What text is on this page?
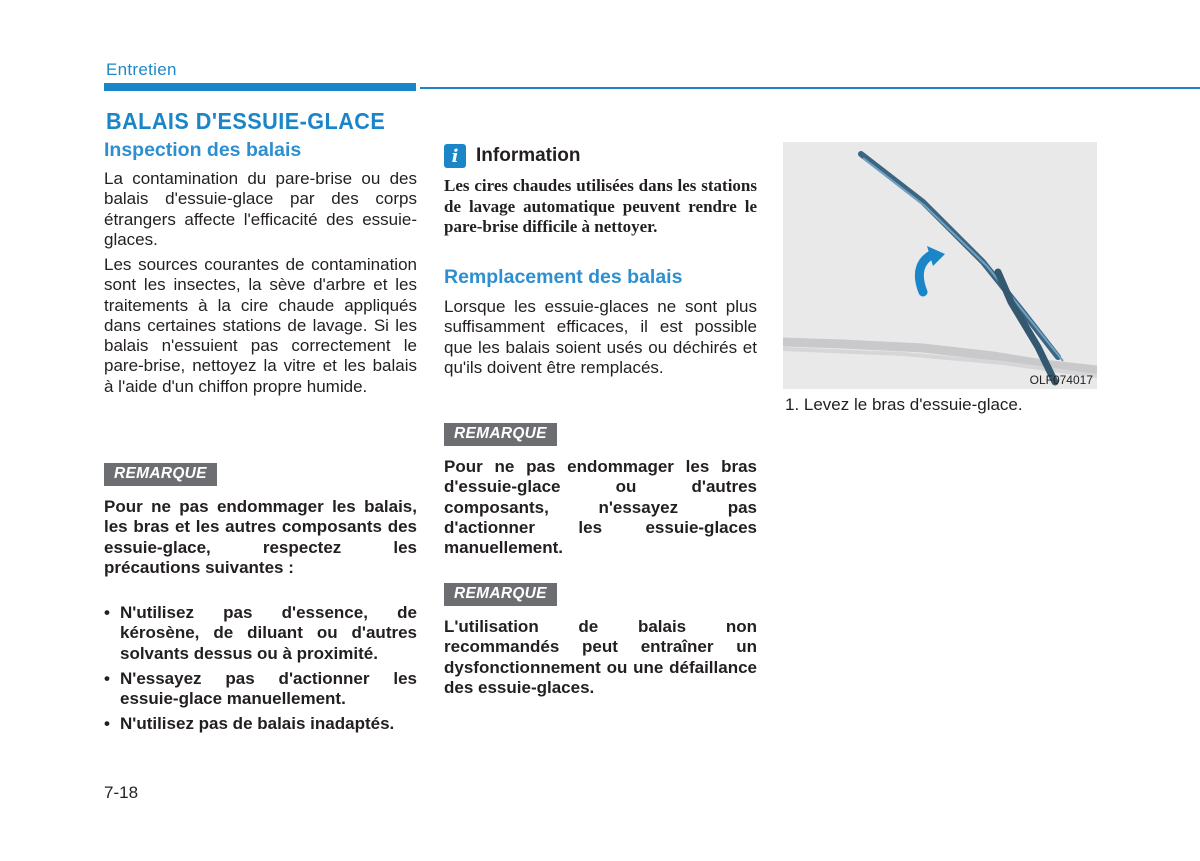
Entretien
BALAIS D'ESSUIE-GLACE
Inspection des balais

La contamination du pare-brise ou des balais d'essuie-glace par des corps étrangers affecte l'efficacité des essuie-glaces.

Les sources courantes de contamination sont les insectes, la sève d'arbre et les traitements à la cire chaude appliqués dans certaines stations de lavage. Si les balais n'essuient pas correctement le pare-brise, nettoyez la vitre et les balais à l'aide d'un chiffon propre humide.

REMARQUE

Pour ne pas endommager les balais, les bras et les autres composants des essuie-glace, respectez les précautions suivantes :

• N'utilisez pas d'essence, de kérosène, de diluant ou d'autres solvants dessus ou à proximité.
• N'essayez pas d'actionner les essuie-glace manuellement.
• N'utilisez pas de balais inadaptés.
i Information

Les cires chaudes utilisées dans les stations de lavage automatique peuvent rendre le pare-brise difficile à nettoyer.

Remplacement des balais

Lorsque les essuie-glaces ne sont plus suffisamment efficaces, il est possible que les balais soient usés ou déchirés et qu'ils doivent être remplacés.

REMARQUE

Pour ne pas endommager les bras d'essuie-glace ou d'autres composants, n'essayez pas d'actionner les essuie-glaces manuellement.

REMARQUE

L'utilisation de balais non recommandés peut entraîner un dysfonctionnement ou une défaillance des essuie-glaces.

OLF074017
1. Levez le bras d'essuie-glace.
7-18
